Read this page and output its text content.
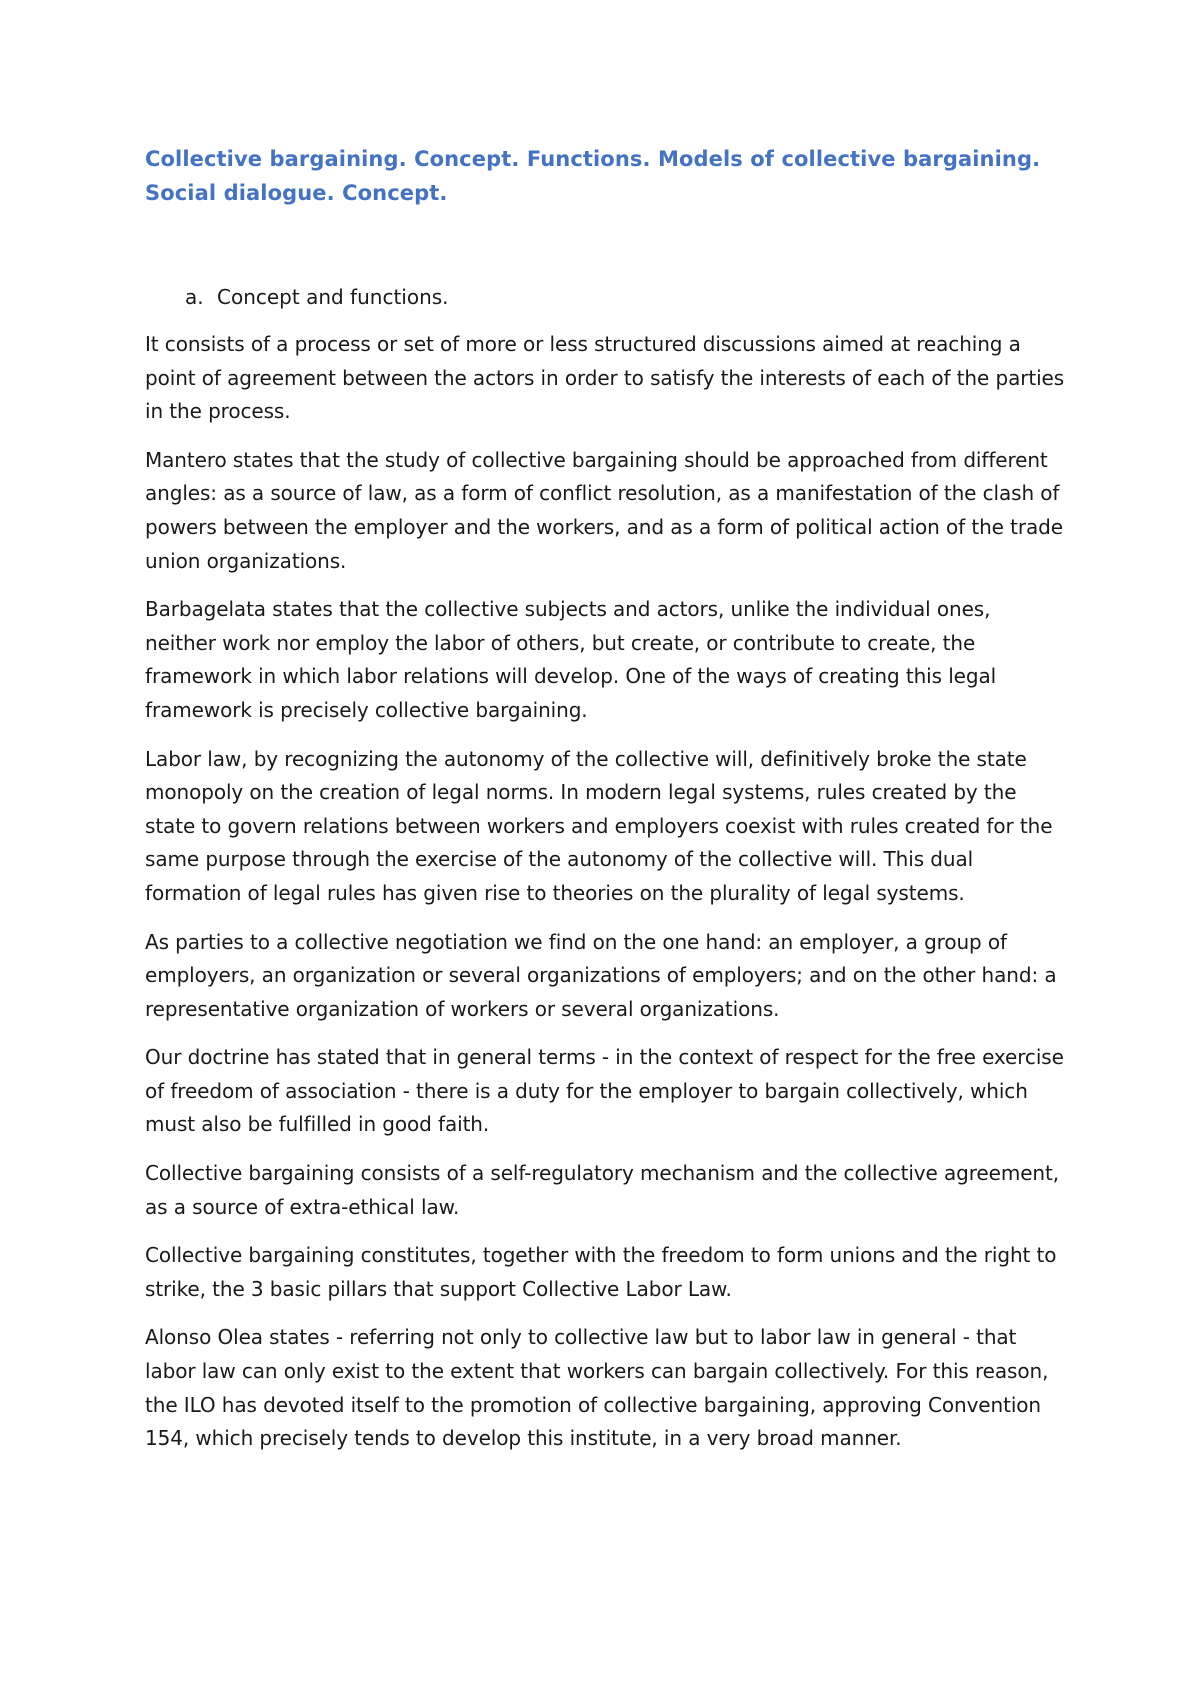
Collective bargaining. Concept. Functions. Models of collective bargaining. Social dialogue. Concept.
a. Concept and functions.

It consists of a process or set of more or less structured discussions aimed at reaching a point of agreement between the actors in order to satisfy the interests of each of the parties in the process.

Mantero states that the study of collective bargaining should be approached from different angles: as a source of law, as a form of conflict resolution, as a manifestation of the clash of powers between the employer and the workers, and as a form of political action of the trade union organizations.

Barbagelata states that the collective subjects and actors, unlike the individual ones, neither work nor employ the labor of others, but create, or contribute to create, the framework in which labor relations will develop. One of the ways of creating this legal framework is precisely collective bargaining.

Labor law, by recognizing the autonomy of the collective will, definitively broke the state monopoly on the creation of legal norms. In modern legal systems, rules created by the state to govern relations between workers and employers coexist with rules created for the same purpose through the exercise of the autonomy of the collective will. This dual formation of legal rules has given rise to theories on the plurality of legal systems.

As parties to a collective negotiation we find on the one hand: an employer, a group of employers, an organization or several organizations of employers; and on the other hand: a representative organization of workers or several organizations.

Our doctrine has stated that in general terms - in the context of respect for the free exercise of freedom of association - there is a duty for the employer to bargain collectively, which must also be fulfilled in good faith.

Collective bargaining consists of a self-regulatory mechanism and the collective agreement, as a source of extra-ethical law.

Collective bargaining constitutes, together with the freedom to form unions and the right to strike, the 3 basic pillars that support Collective Labor Law.

Alonso Olea states - referring not only to collective law but to labor law in general - that labor law can only exist to the extent that workers can bargain collectively. For this reason, the ILO has devoted itself to the promotion of collective bargaining, approving Convention 154, which precisely tends to develop this institute, in a very broad manner.
